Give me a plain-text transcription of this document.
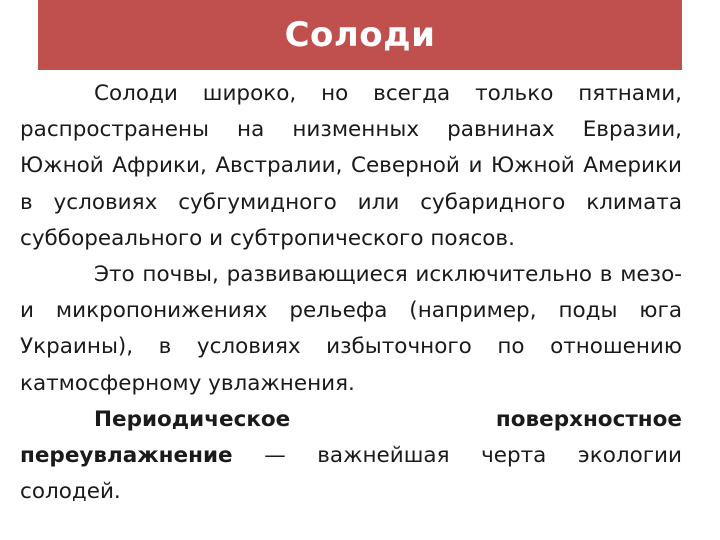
Солоди

Солоди широко, но всегда только пятнами, распространены на низменных равнинах Евразии, Южной Африки, Австралии, Северной и Южной Америки в условиях субгумидного или субаридного климата суббореального и субтропического поясов.

Это почвы, развивающиеся исключительно в мезо- и микропонижениях рельефа (например, поды юга Украины), в условиях избыточного по отношению катмосферному увлажнения.

Периодическое поверхностное переувлажнение — важнейшая черта экологии солодей.
